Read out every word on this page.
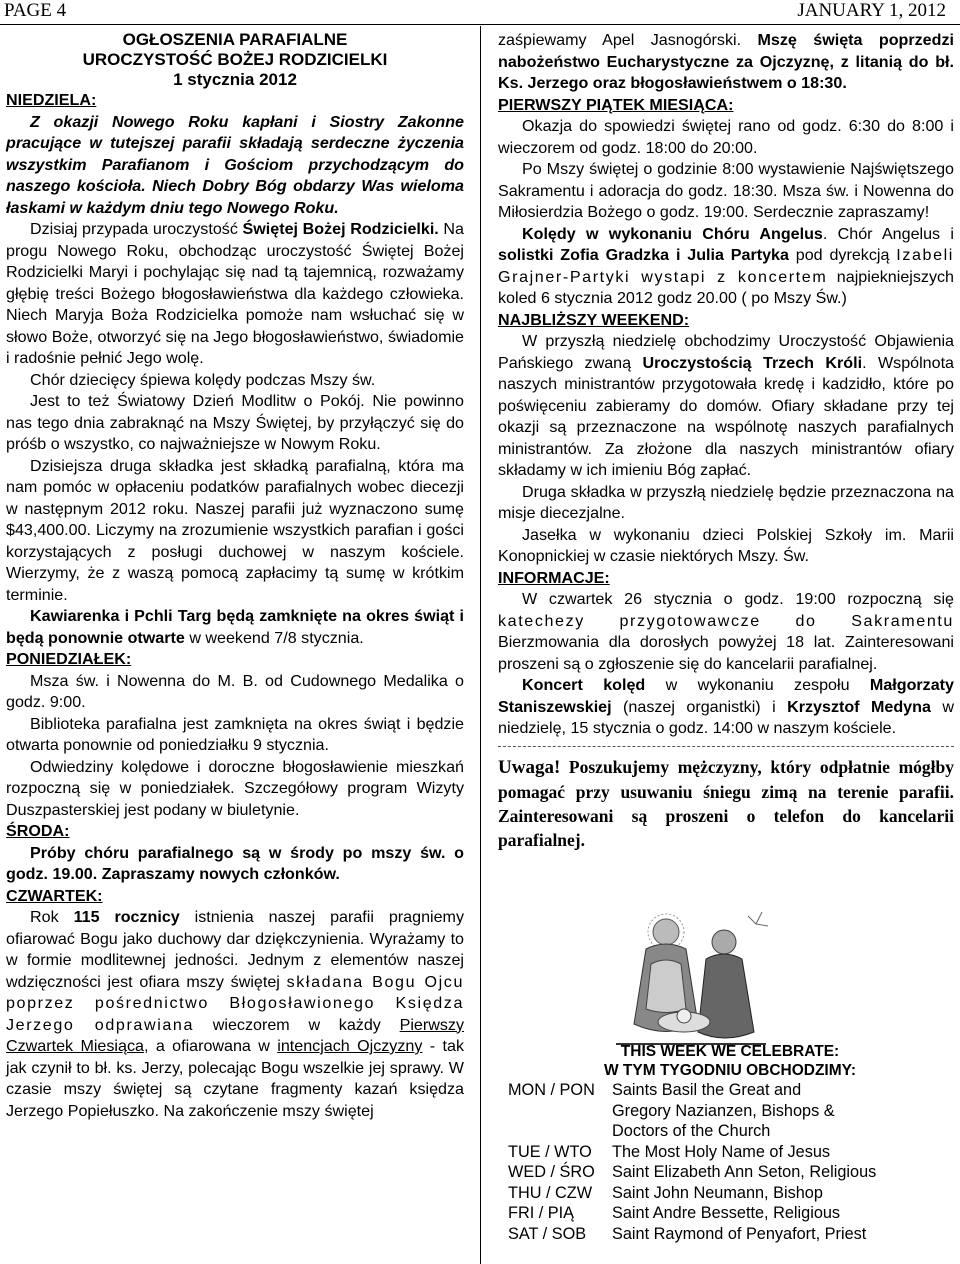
PAGE 4	JANUARY 1, 2012
OGŁOSZENIA PARAFIALNE
UROCZYSTOŚĆ BOŻEJ RODZICIELKI
1 stycznia 2012

NIEDZIELA:

Z okazji Nowego Roku kapłani i Siostry Zakonne pracujące w tutejszej parafii składają serdeczne życzenia wszystkim Parafianom i Gościom przychodzącym do naszego kościoła. Niech Dobry Bóg obdarzy Was wieloma łaskami w każdym dniu tego Nowego Roku.

Dzisiaj przypada uroczystość Świętej Bożej Rodzicielki. Na progu Nowego Roku, obchodząc uroczystość Świętej Bożej Rodzicielki Maryi i pochylając się nad tą tajemnicą, rozważamy głębię treści Bożego błogosławieństwa dla każdego człowieka. Niech Maryja Boża Rodzicielka pomoże nam wsłuchać się w słowo Boże, otworzyć się na Jego błogosławieństwo, świadomie i radośnie pełnić Jego wolę.

Chór dziecięcy śpiewa kolędy podczas Mszy św.

Jest to też Światowy Dzień Modlitw o Pokój. Nie powinno nas tego dnia zabraknąć na Mszy Świętej, by przyłączyć się do próśb o wszystko, co najważniejsze w Nowym Roku.

Dzisiejsza druga składka jest składką parafialną, która ma nam pomóc w opłaceniu podatków parafialnych wobec diecezji w następnym 2012 roku. Naszej parafii już wyznaczono sumę $43,400.00. Liczymy na zrozumienie wszystkich parafian i gości korzystających z posługi duchowej w naszym kościele. Wierzymy, że z waszą pomocą zapłacimy tą sumę w krótkim terminie.

Kawiarenka i Pchli Targ będą zamknięte na okres świąt i będą ponownie otwarte w weekend 7/8 stycznia.

PONIEDZIAŁEK:

Msza św. i Nowenna do M. B. od Cudownego Medalika o godz. 9:00.

Biblioteka parafialna jest zamknięta na okres świąt i będzie otwarta ponownie od poniedziałku 9 stycznia.

Odwiedziny kolędowe i doroczne błogosławienie mieszkań rozpoczną się w poniedziałek. Szczegółowy program Wizyty Duszpasterskiej jest podany w biuletynie.

ŚRODA:

Próby chóru parafialnego są w środy po mszy św. o godz. 19.00. Zapraszamy nowych członków.

CZWARTEK:

Rok 115 rocznicy istnienia naszej parafii pragniemy ofiarować Bogu jako duchowy dar dziękczynienia. Wyrażamy to w formie modlitewnej jedności. Jednym z elementów naszej wdzięczności jest ofiara mszy świętej składana Bogu Ojcu poprzez pośrednictwo Błogosławionego Księdza Jerzego odprawiana wieczorem w każdy Pierwszy Czwartek Miesiąca, a ofiarowana w intencjach Ojczyzny - tak jak czynił to bł. ks. Jerzy, polecając Bogu wszelkie jej sprawy. W czasie mszy świętej są czytane fragmenty kazań księdza Jerzego Popiełuszko. Na zakończenie mszy świętej

zaśpiewamy Apel Jasnogórski. Mszę święta poprzedzi nabożeństwo Eucharystyczne za Ojczyznę, z litanią do bł. Ks. Jerzego oraz błogosławieństwem o 18:30.

PIERWSZY PIĄTEK MIESIĄCA:

Okazja do spowiedzi świętej rano od godz. 6:30 do 8:00 i wieczorem od godz. 18:00 do 20:00.

Po Mszy świętej o godzinie 8:00 wystawienie Najświętszego Sakramentu i adoracja do godz. 18:30. Msza św. i Nowenna do Miłosierdzia Bożego o godz. 19:00. Serdecznie zapraszamy!

Kolędy w wykonaniu Chóru Angelus. Chór Angelus i solistki Zofia Gradzka i Julia Partyka pod dyrekcją Izabeli Grajner-Partyki wystapi z koncertem najpiekniejszych koled 6 stycznia 2012 godz 20.00 ( po Mszy Św.)

NAJBLIŻSZY WEEKEND:

W przyszłą niedzielę obchodzimy Uroczystość Objawienia Pańskiego zwaną Uroczystością Trzech Króli. Wspólnota naszych ministrantów przygotowała kredę i kadzidło, które po poświęceniu zabieramy do domów. Ofiary składane przy tej okazji są przeznaczone na wspólnotę naszych parafialnych ministrantów. Za złożone dla naszych ministrantów ofiary składamy w ich imieniu Bóg zapłać.

Druga składka w przyszłą niedzielę będzie przeznaczona na misje diecezjalne.

Jasełka w wykonaniu dzieci Polskiej Szkoły im. Marii Konopnickiej w czasie niektórych Mszy. Św.

INFORMACJE:

W czwartek 26 stycznia o godz. 19:00 rozpoczną się katechezy przygotowawcze do Sakramentu Bierzmowania dla dorosłych powyżej 18 lat. Zainteresowani proszeni są o zgłoszenie się do kancelarii parafialnej.

Koncert kolęd w wykonaniu zespołu Małgorzaty Staniszewskiej (naszej organistki) i Krzysztof Medyna w niedzielę, 15 stycznia o godz. 14:00 w naszym kościele.

Uwaga! Poszukujemy mężczyzny, który odpłatnie mógłby pomagać przy usuwaniu śniegu zimą na terenie parafii. Zainteresowani są proszeni o telefon do kancelarii parafialnej.
THIS WEEK WE CELEBRATE:
W TYM TYGODNIU OBCHODZIMY:
MON / PON	Saints Basil the Great and
Gregory Nazianzen, Bishops &
Doctors of the Church
TUE / WTO	The Most Holy Name of Jesus
WED / ŚRO	Saint Elizabeth Ann Seton, Religious
THU / CZW	Saint John Neumann, Bishop
FRI / PIĄ	Saint Andre Bessette, Religious
SAT / SOB	Saint Raymond of Penyafort, Priest
